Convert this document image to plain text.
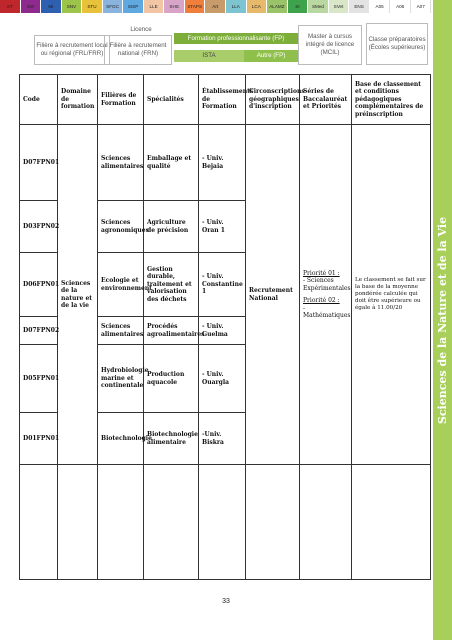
ST	SM	MI	SNV	STU	SFGC	SISP	LLE	SHS	STAPS	Art	LLA	LCA	ALAMZ	SI	SMed	SVet	ENS	A05	A06	A07
Licence
Filière à recrutement local ou régional (FRL/FRR)
Filière à recrutement national (FRN)
Formation professionnalisante (FP)
ISTA	Autre (FP)
Master à cursus intégré de licence (MCIL)
Classe préparatoires (Écoles supérieures)
Sciences de la Nature et de la Vie
Code	Domaine de formation	Filières de Formation	Spécialités	Établissements de Formation	Circonscriptions géographiques d'inscription	Séries de Baccalauréat et Priorités	Base de classement et conditions pédagogiques complémentaires de préinscription
D07FPN01	Sciences de la nature et de la vie	Sciences alimentaires	Emballage et qualité	- Univ. Bejaia	Recrutement National	Priorité 01 :
- Sciences Expérimentales
Priorité 02 :
- Mathématiques	Le classement se fait sur la base de la moyenne pondérée calculée qui doit être supérieure ou égale à 11.00/20
D03FPN02		Sciences agronomiques	Agriculture de précision	- Univ. Oran 1			
D06FPN01		Ecologie et environnement	Gestion durable, traitement et valorisation des déchets	- Univ. Constantine 1			
D07FPN02		Sciences alimentaires	Procédés agroalimentaires	- Univ. Guelma			
D05FPN01		Hydrobiologie marine et continentale	Production aquacole	- Univ. Ouargla			
D01FPN01		Biotechnologie	Biotechnologie alimentaire	-Univ. Biskra			

33
